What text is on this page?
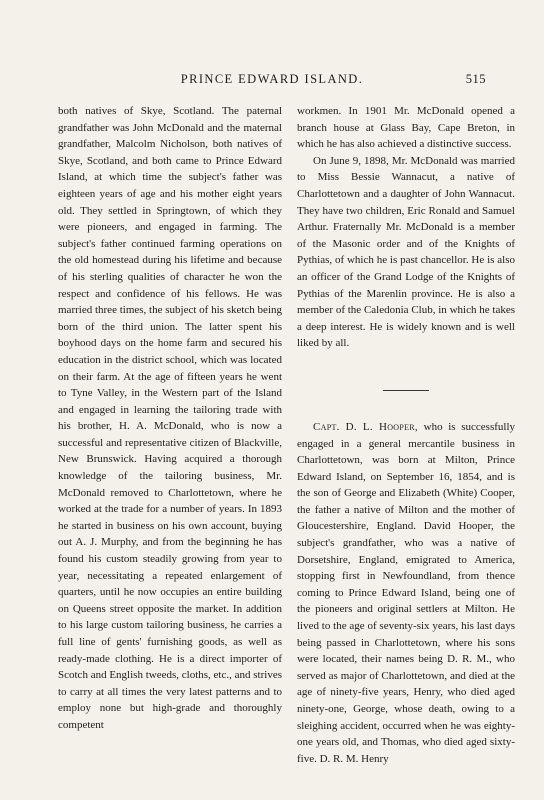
PRINCE EDWARD ISLAND.	515

both natives of Skye, Scotland. The paternal grandfather was John McDonald and the maternal grandfather, Malcolm Nicholson, both natives of Skye, Scotland, and both came to Prince Edward Island, at which time the subject's father was eighteen years of age and his mother eight years old. They settled in Springtown, of which they were pioneers, and engaged in farming. The subject's father continued farming operations on the old homestead during his lifetime and because of his sterling qualities of character he won the respect and confidence of his fellows. He was married three times, the subject of his sketch being born of the third union. The latter spent his boyhood days on the home farm and secured his education in the district school, which was located on their farm. At the age of fifteen years he went to Tyne Valley, in the Western part of the Island and engaged in learning the tailoring trade with his brother, H. A. McDonald, who is now a successful and representative citizen of Blackville, New Brunswick. Having acquired a thorough knowledge of the tailoring business, Mr. McDonald removed to Charlottetown, where he worked at the trade for a number of years. In 1893 he started in business on his own account, buying out A. J. Murphy, and from the beginning he has found his custom steadily growing from year to year, necessitating a repeated enlargement of quarters, until he now occupies an entire building on Queens street opposite the market. In addition to his large custom tailoring business, he carries a full line of gents' furnishing goods, as well as ready-made clothing. He is a direct importer of Scotch and English tweeds, cloths, etc., and strives to carry at all times the very latest patterns and to employ none but high-grade and thoroughly competent

workmen. In 1901 Mr. McDonald opened a branch house at Glass Bay, Cape Breton, in which he has also achieved a distinctive success.

On June 9, 1898, Mr. McDonald was married to Miss Bessie Wannacut, a native of Charlottetown and a daughter of John Wannacut. They have two children, Eric Ronald and Samuel Arthur. Fraternally Mr. McDonald is a member of the Masonic order and of the Knights of Pythias, of which he is past chancellor. He is also an officer of the Grand Lodge of the Knights of Pythias of the Marenlin province. He is also a member of the Caledonia Club, in which he takes a deep interest. He is widely known and is well liked by all.

Capt. D. L. Hooper, who is successfully engaged in a general mercantile business in Charlottetown, was born at Milton, Prince Edward Island, on September 16, 1854, and is the son of George and Elizabeth (White) Cooper, the father a native of Milton and the mother of Gloucestershire, England. David Hooper, the subject's grandfather, who was a native of Dorsetshire, England, emigrated to America, stopping first in Newfoundland, from thence coming to Prince Edward Island, being one of the pioneers and original settlers at Milton. He lived to the age of seventy-six years, his last days being passed in Charlottetown, where his sons were located, their names being D. R. M., who served as major of Charlottetown, and died at the age of ninety-five years, Henry, who died aged ninety-one, George, whose death, owing to a sleighing accident, occurred when he was eighty-one years old, and Thomas, who died aged sixty-five. D. R. M. Henry
